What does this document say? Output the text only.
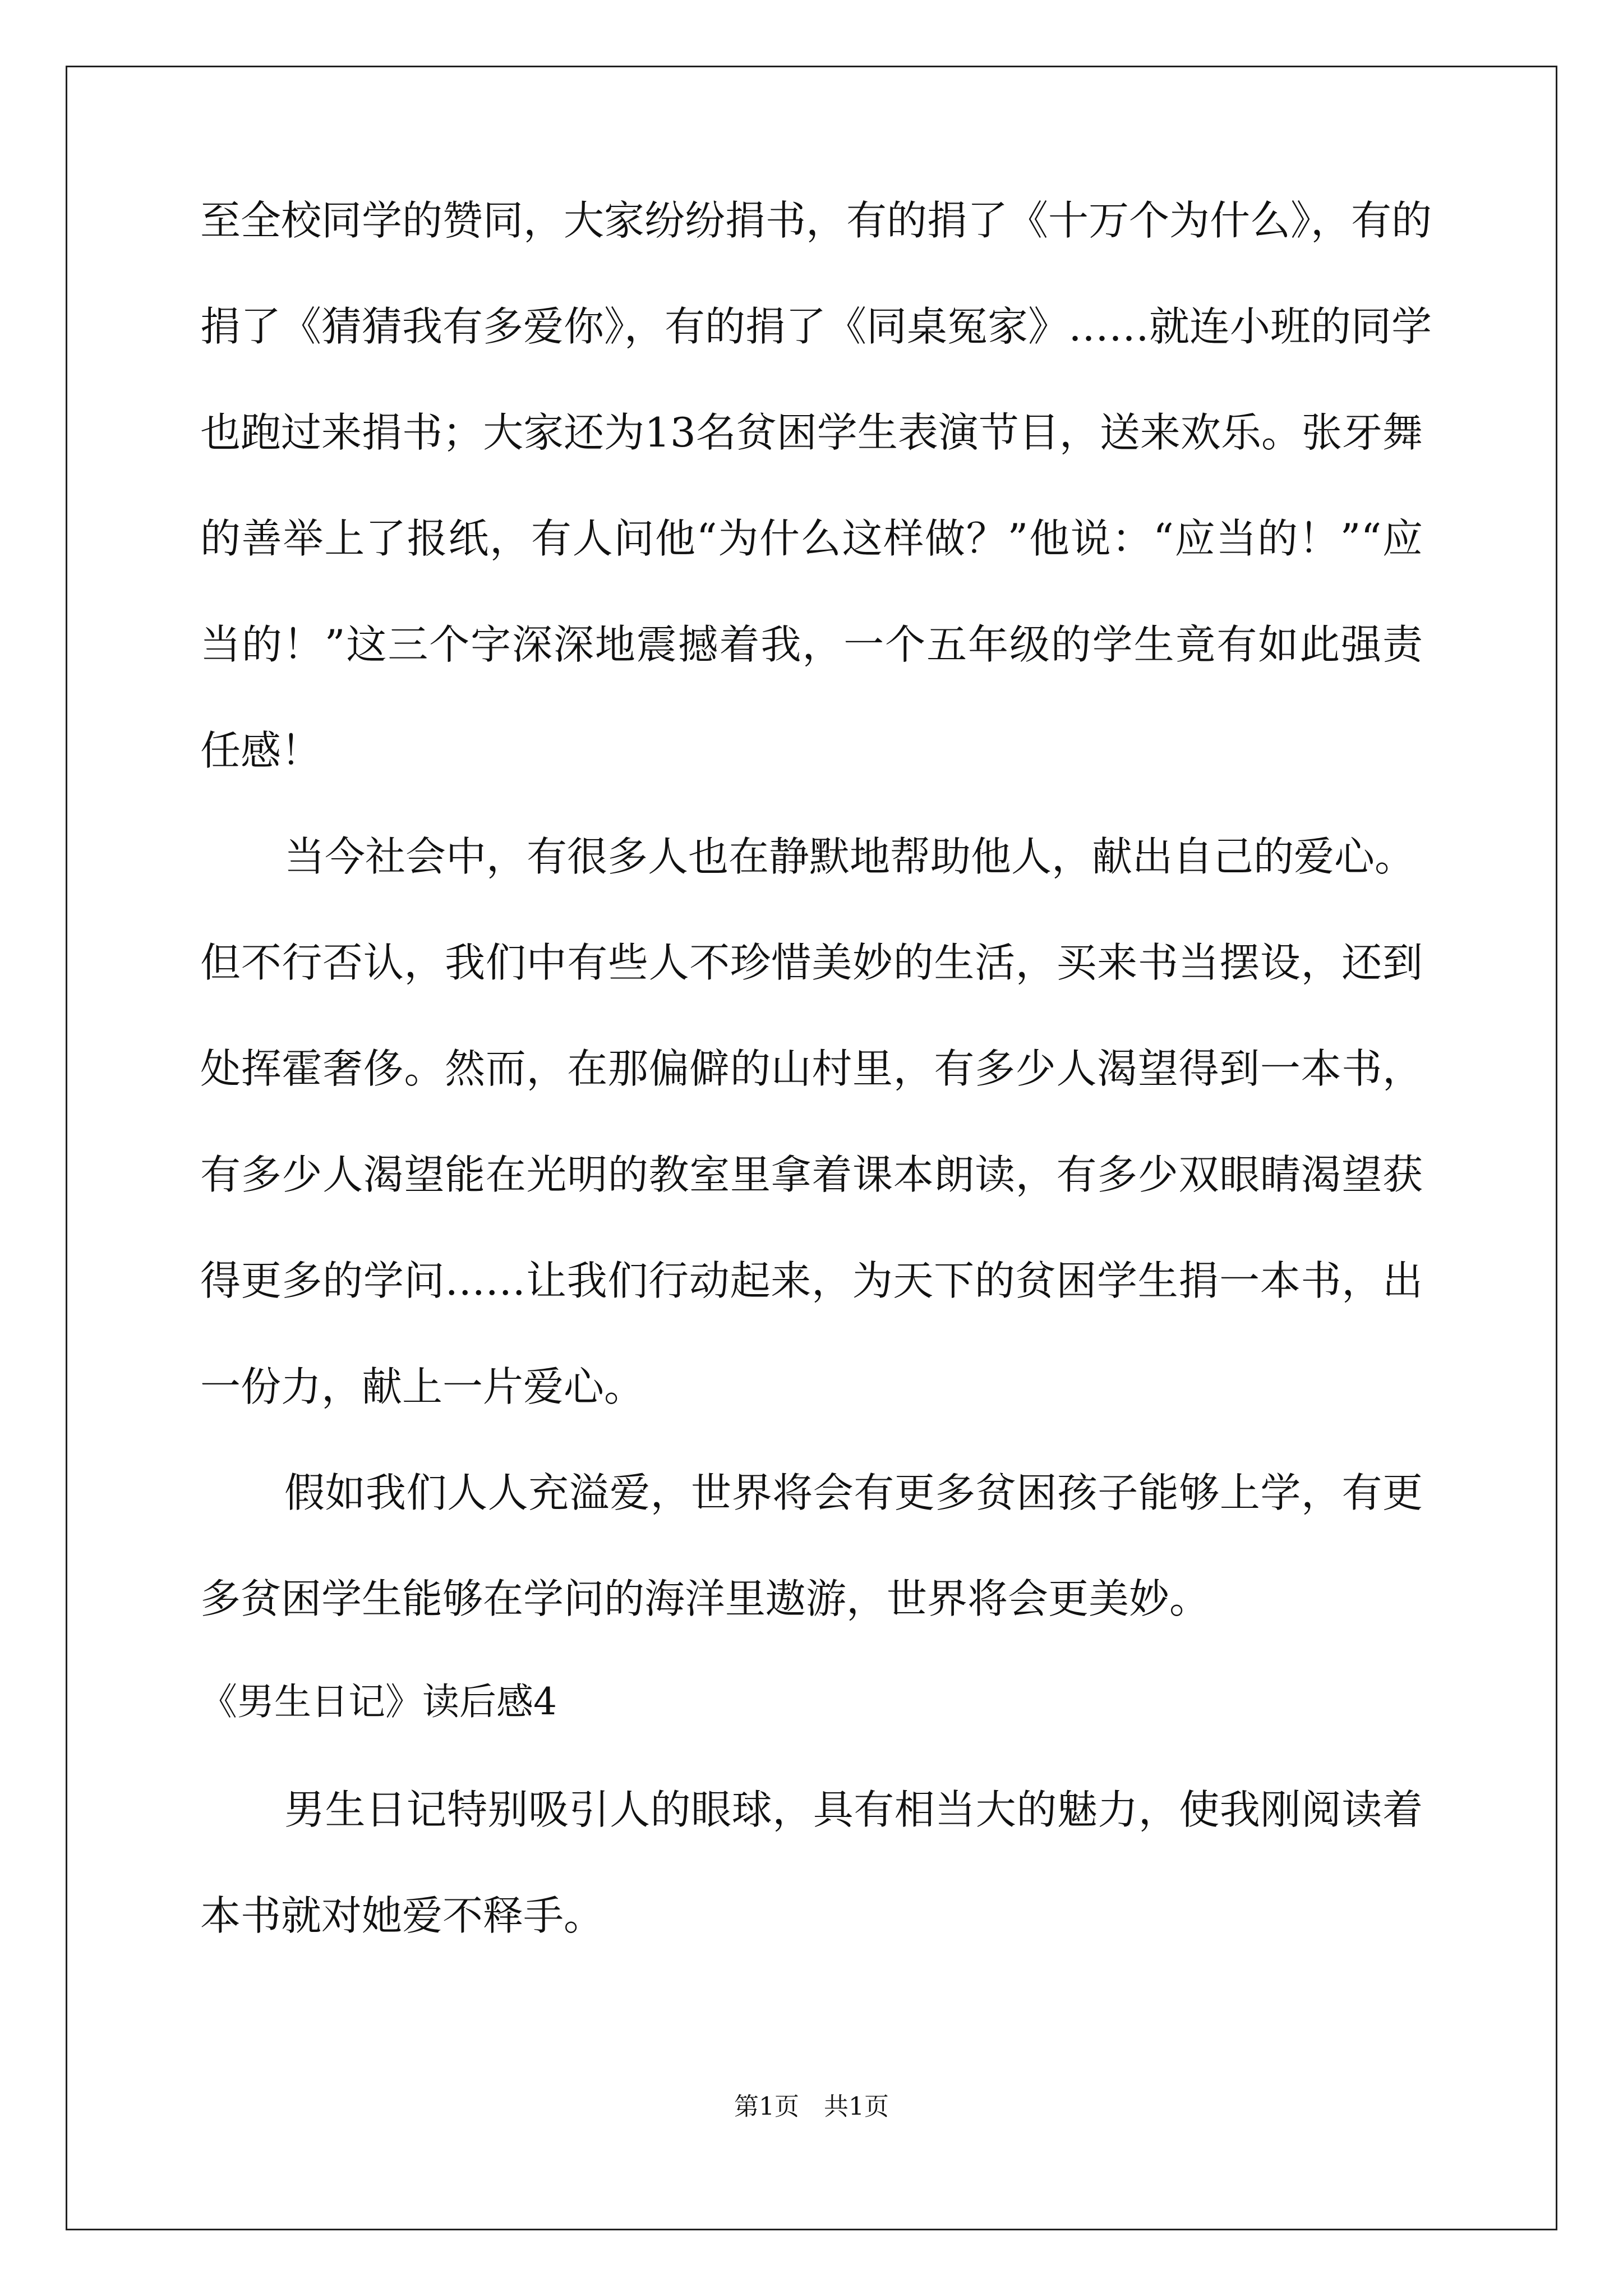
至全校同学的赞同，大家纷纷捐书，有的捐了《十万个为什么》，有的
捐了《猜猜我有多爱你》，有的捐了《同桌冤家》……就连小班的同学
也跑过来捐书；大家还为13名贫困学生表演节目，送来欢乐。张牙舞
的善举上了报纸，有人问他“为什么这样做？”他说：“应当的！”“应
当的！”这三个字深深地震撼着我，一个五年级的学生竟有如此强责
任感！
当今社会中，有很多人也在静默地帮助他人，献出自己的爱心。
但不行否认，我们中有些人不珍惜美妙的生活，买来书当摆设，还到
处挥霍奢侈。然而，在那偏僻的山村里，有多少人渴望得到一本书，
有多少人渴望能在光明的教室里拿着课本朗读，有多少双眼睛渴望获
得更多的学问……让我们行动起来，为天下的贫困学生捐一本书，出
一份力，献上一片爱心。
假如我们人人充溢爱，世界将会有更多贫困孩子能够上学，有更
多贫困学生能够在学问的海洋里遨游，世界将会更美妙。
《男生日记》读后感4
男生日记特别吸引人的眼球，具有相当大的魅力，使我刚阅读着
本书就对她爱不释手。
第1页　共1页
